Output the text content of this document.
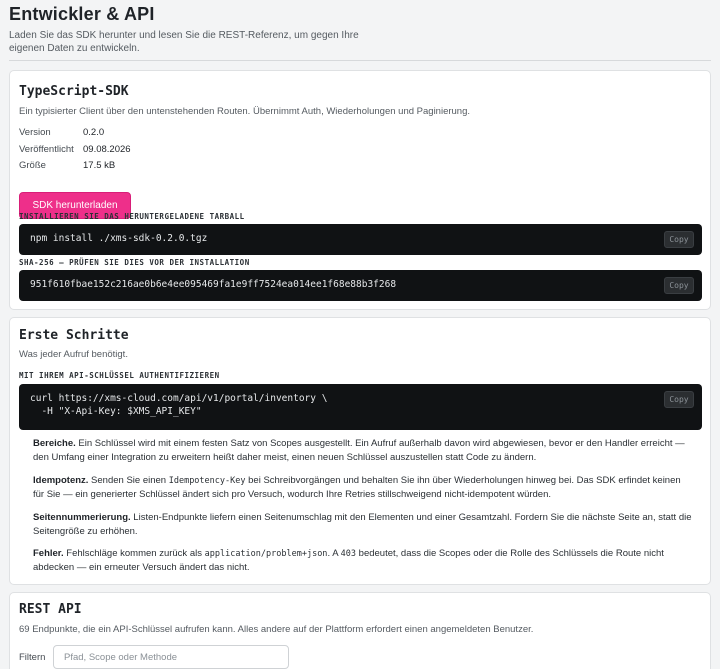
Entwickler & API
Laden Sie das SDK herunter und lesen Sie die REST-Referenz, um gegen Ihre eigenen Daten zu entwickeln.
TypeScript-SDK
Ein typisierter Client über den untenstehenden Routen. Übernimmt Auth, Wiederholungen und Paginierung.
Version	0.2.0
Veröffentlicht 09.08.2026
Größe	17.5 kB
SDK herunterladen
INSTALLIEREN SIE DAS HERUNTERGELADENE TARBALL
npm install ./xms-sdk-0.2.0.tgz	Copy
SHA-256 — PRÜFEN SIE DIES VOR DER INSTALLATION
951f610fbae152c216ae0b6e4ee095469fa1e9ff7524ea014ee1f68e88b3f268	Copy
Erste Schritte
Was jeder Aufruf benötigt.
MIT IHREM API-SCHLÜSSEL AUTHENTIFIZIEREN
curl https://xms-cloud.com/api/v1/portal/inventory \
-H "X-Api-Key: $XMS_API_KEY"
Copy
Bereiche. Ein Schlüssel wird mit einem festen Satz von Scopes ausgestellt. Ein Aufruf außerhalb davon wird abgewiesen, bevor er den Handler erreicht —
den Umfang einer Integration zu erweitern heißt daher meist, einen neuen Schlüssel auszustellen statt Code zu ändern.
Idempotenz. Senden Sie einen Idempotency-Key bei Schreibvorgängen und behalten Sie ihn über Wiederholungen hinweg bei. Das SDK erfindet keinen
für Sie — ein generierter Schlüssel ändert sich pro Versuch, wodurch Ihre Retries stillschweigend nicht-idempotent würden.
Seitennummerierung. Listen-Endpunkte liefern einen Seitenumschlag mit den Elementen und einer Gesamtzahl. Fordern Sie die nächste Seite an, statt die
Seitengröße zu erhöhen.
Fehler. Fehlschläge kommen zurück als application/problem+json. A 403 bedeutet, dass die Scopes oder die Rolle des Schlüssels die Route nicht
abdecken — ein erneuter Versuch ändert das nicht.
REST API
69 Endpunkte, die ein API-Schlüssel aufrufen kann. Alles andere auf der Plattform erfordert einen angemeldeten Benutzer.
Filtern
Pfad, Scope oder Methode
